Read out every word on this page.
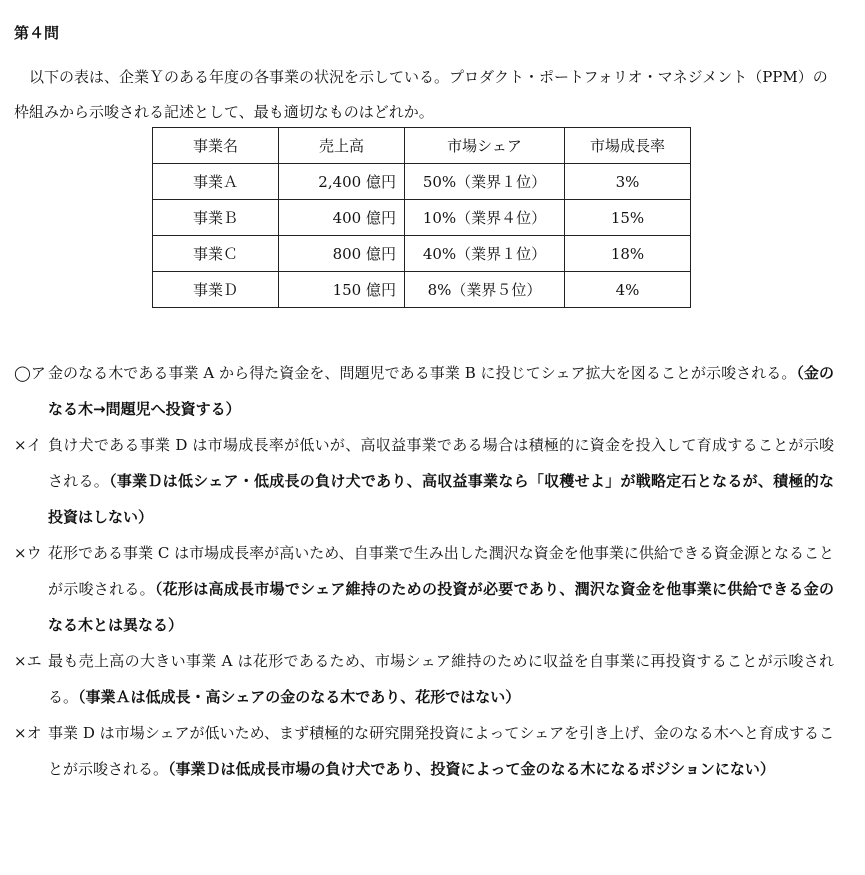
第４問
以下の表は、企業Ｙのある年度の各事業の状況を示している。プロダクト・ポートフォリオ・マネジメント（PPM）の枠組みから示唆される記述として、最も適切なものはどれか。
事業名	売上高	市場シェア	市場成長率
事業Ａ	2,400 億円	50%（業界１位）	3%
事業Ｂ	400 億円	10%（業界４位）	15%
事業Ｃ	800 億円	40%（業界１位）	18%
事業Ｄ	150 億円	8%（業界５位）	4%
◯ア 金のなる木である事業 A から得た資金を、問題児である事業 B に投じてシェア拡大を図ることが示唆される。（金のなる木→問題児へ投資する）
×イ 負け犬である事業 D は市場成長率が低いが、高収益事業である場合は積極的に資金を投入して育成することが示唆される。（事業Ｄは低シェア・低成長の負け犬であり、高収益事業なら「収穫せよ」が戦略定石となるが、積極的な投資はしない）
×ウ 花形である事業 C は市場成長率が高いため、自事業で生み出した潤沢な資金を他事業に供給できる資金源となることが示唆される。（花形は高成長市場でシェア維持のための投資が必要であり、潤沢な資金を他事業に供給できる金のなる木とは異なる）
×エ 最も売上高の大きい事業 A は花形であるため、市場シェア維持のために収益を自事業に再投資することが示唆される。（事業Ａは低成長・高シェアの金のなる木であり、花形ではない）
×オ 事業 D は市場シェアが低いため、まず積極的な研究開発投資によってシェアを引き上げ、金のなる木へと育成することが示唆される。（事業Ｄは低成長市場の負け犬であり、投資によって金のなる木になるポジションにない）
